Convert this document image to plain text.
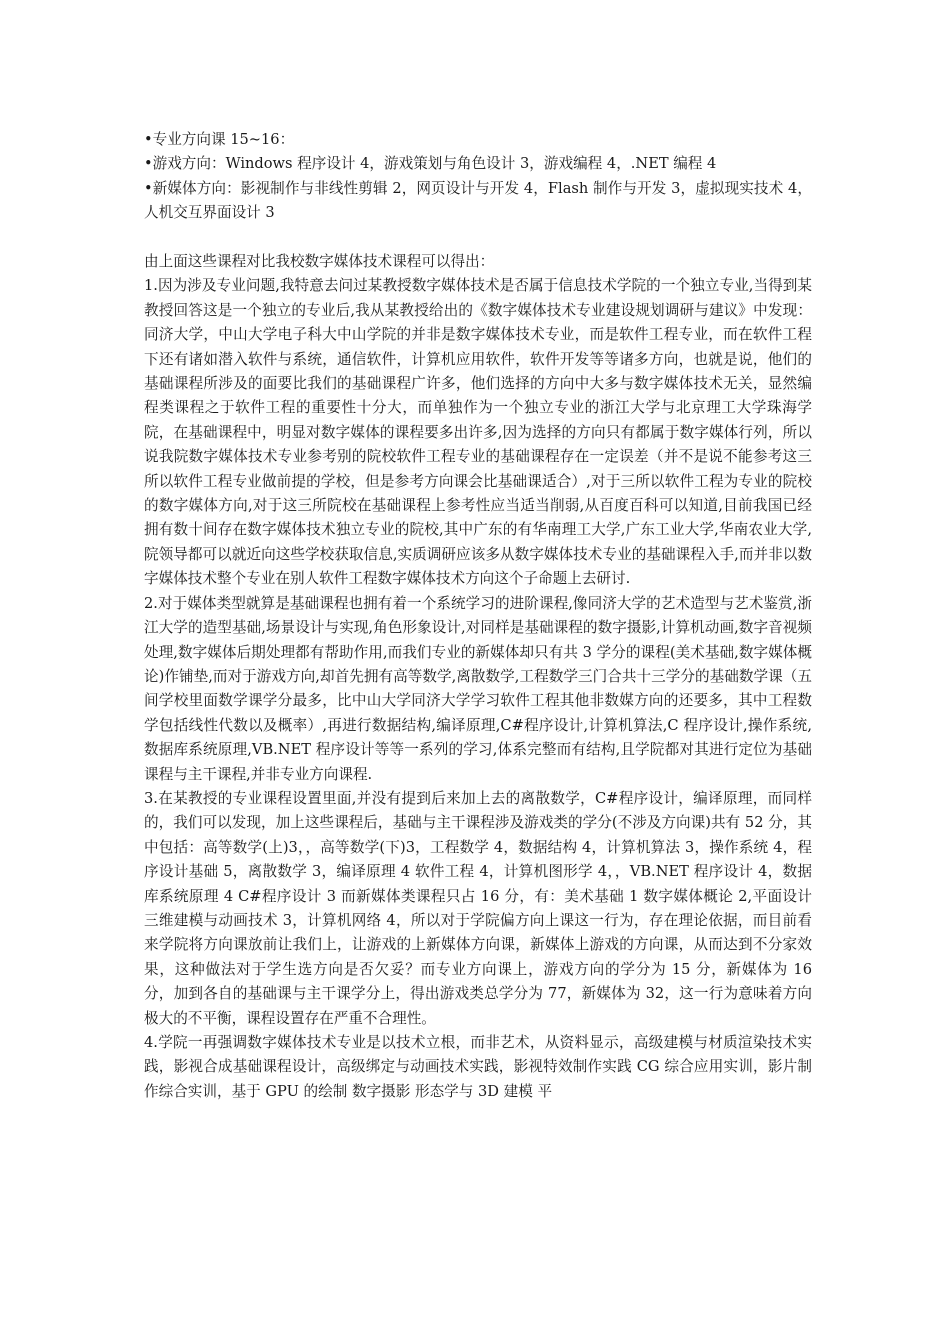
•专业方向课 15~16：

•游戏方向：Windows 程序设计 4，游戏策划与角色设计 3，游戏编程 4，.NET 编程 4

•新媒体方向：影视制作与非线性剪辑 2，网页设计与开发 4，Flash 制作与开发 3，虚拟现实技术 4，人机交互界面设计 3

由上面这些课程对比我校数字媒体技术课程可以得出：

1.因为涉及专业问题,我特意去问过某教授数字媒体技术是否属于信息技术学院的一个独立专业,当得到某教授回答这是一个独立的专业后,我从某教授给出的《数字媒体技术专业建设规划调研与建议》中发现：同济大学，中山大学电子科大中山学院的并非是数字媒体技术专业，而是软件工程专业，而在软件工程下还有诸如潜入软件与系统，通信软件，计算机应用软件，软件开发等等诸多方向，也就是说，他们的基础课程所涉及的面要比我们的基础课程广许多，他们选择的方向中大多与数字媒体技术无关，显然编程类课程之于软件工程的重要性十分大，而单独作为一个独立专业的浙江大学与北京理工大学珠海学院，在基础课程中，明显对数字媒体的课程要多出许多,因为选择的方向只有都属于数字媒体行列，所以说我院数字媒体技术专业参考别的院校软件工程专业的基础课程存在一定误差（并不是说不能参考这三所以软件工程专业做前提的学校，但是参考方向课会比基础课适合）,对于三所以软件工程为专业的院校的数字媒体方向,对于这三所院校在基础课程上参考性应当适当削弱,从百度百科可以知道,目前我国已经拥有数十间存在数字媒体技术独立专业的院校,其中广东的有华南理工大学,广东工业大学,华南农业大学,院领导都可以就近向这些学校获取信息,实质调研应该多从数字媒体技术专业的基础课程入手,而并非以数字媒体技术整个专业在别人软件工程数字媒体技术方向这个子命题上去研讨.

2.对于媒体类型就算是基础课程也拥有着一个系统学习的进阶课程,像同济大学的艺术造型与艺术鉴赏,浙江大学的造型基础,场景设计与实现,角色形象设计,对同样是基础课程的数字摄影,计算机动画,数字音视频处理,数字媒体后期处理都有帮助作用,而我们专业的新媒体却只有共 3 学分的课程(美术基础,数字媒体概论)作铺垫,而对于游戏方向,却首先拥有高等数学,离散数学,工程数学三门合共十三学分的基础数学课（五间学校里面数学课学分最多，比中山大学同济大学学习软件工程其他非数媒方向的还要多，其中工程数学包括线性代数以及概率）,再进行数据结构,编译原理,C#程序设计,计算机算法,C 程序设计,操作系统,数据库系统原理,VB.NET 程序设计等等一系列的学习,体系完整而有结构,且学院都对其进行定位为基础课程与主干课程,并非专业方向课程.

3.在某教授的专业课程设置里面,并没有提到后来加上去的离散数学，C#程序设计，编译原理，而同样的，我们可以发现，加上这些课程后，基础与主干课程涉及游戏类的学分(不涉及方向课)共有 52 分，其中包括：高等数学(上)3，，高等数学(下)3，工程数学 4，数据结构 4，计算机算法 3，操作系统 4，程序设计基础 5，离散数学 3，编译原理 4 软件工程 4，计算机图形学 4，，VB.NET 程序设计 4，数据库系统原理 4 C#程序设计 3 而新媒体类课程只占 16 分，有：美术基础 1 数字媒体概论 2,平面设计 三维建模与动画技术 3，计算机网络 4，所以对于学院偏方向上课这一行为，存在理论依据，而目前看来学院将方向课放前让我们上，让游戏的上新媒体方向课，新媒体上游戏的方向课，从而达到不分家效果，这种做法对于学生选方向是否欠妥？而专业方向课上，游戏方向的学分为 15 分，新媒体为 16 分，加到各自的基础课与主干课学分上，得出游戏类总学分为 77，新媒体为 32，这一行为意味着方向极大的不平衡，课程设置存在严重不合理性。

4.学院一再强调数字媒体技术专业是以技术立根，而非艺术，从资料显示，高级建模与材质渲染技术实践，影视合成基础课程设计，高级绑定与动画技术实践，影视特效制作实践 CG 综合应用实训，影片制作综合实训，基于 GPU 的绘制 数字摄影 形态学与 3D 建模 平
